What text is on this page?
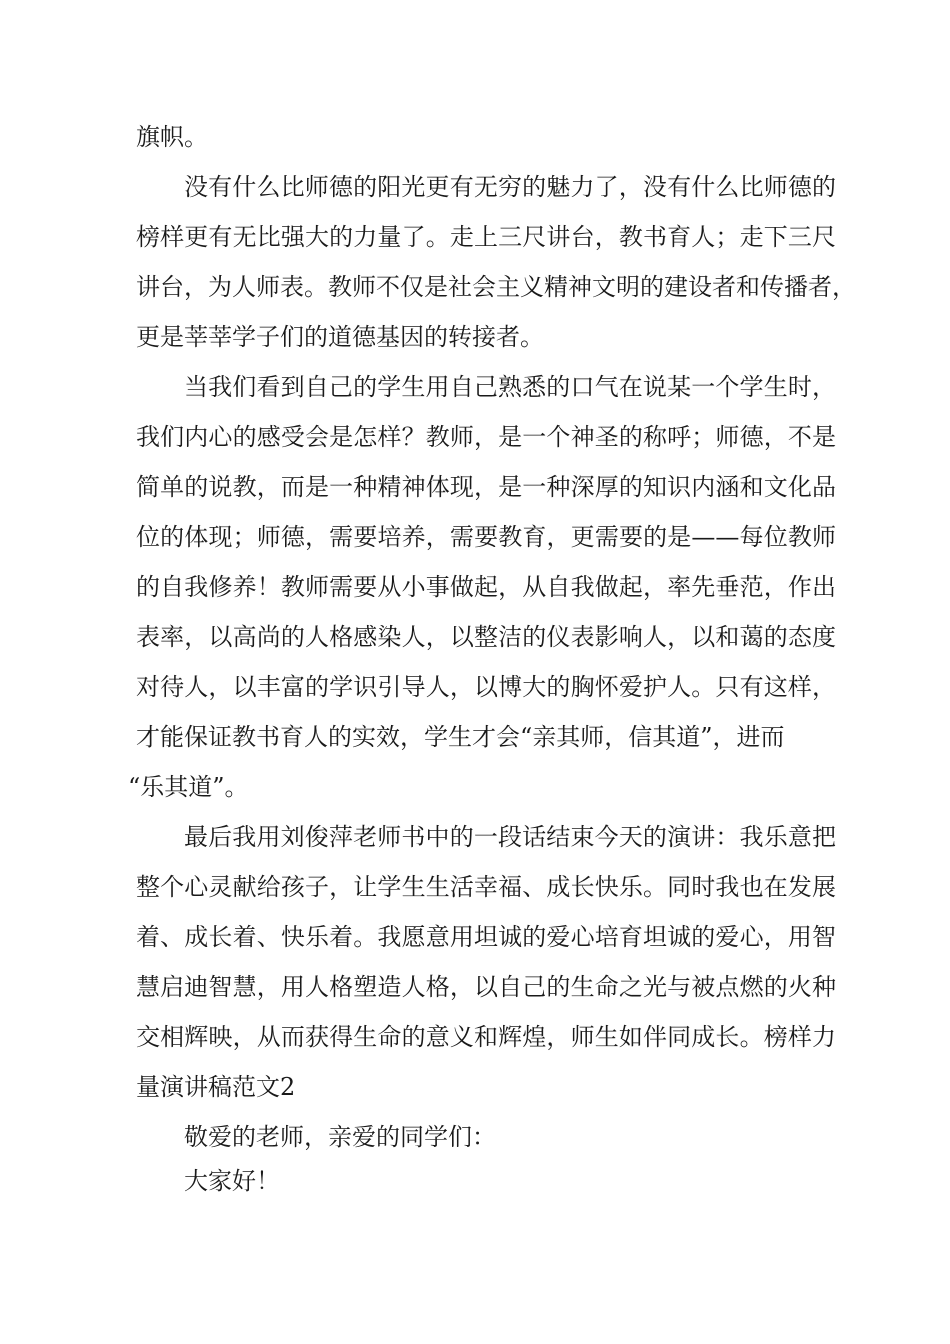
旗帜。

没有什么比师德的阳光更有无穷的魅力了，没有什么比师德的

榜样更有无比强大的力量了。走上三尺讲台，教书育人；走下三尺

讲台，为人师表。教师不仅是社会主义精神文明的建设者和传播者，

更是莘莘学子们的道德基因的转接者。

当我们看到自己的学生用自己熟悉的口气在说某一个学生时，

我们内心的感受会是怎样？教师，是一个神圣的称呼；师德，不是

简单的说教，而是一种精神体现，是一种深厚的知识内涵和文化品

位的体现；师德，需要培养，需要教育，更需要的是——每位教师

的自我修养！教师需要从小事做起，从自我做起，率先垂范，作出

表率，以高尚的人格感染人，以整洁的仪表影响人，以和蔼的态度

对待人，以丰富的学识引导人，以博大的胸怀爱护人。只有这样，

才能保证教书育人的实效，学生才会“亲其师，信其道”，进而

“乐其道”。

最后我用刘俊萍老师书中的一段话结束今天的演讲：我乐意把

整个心灵献给孩子，让学生生活幸福、成长快乐。同时我也在发展

着、成长着、快乐着。我愿意用坦诚的爱心培育坦诚的爱心，用智

慧启迪智慧，用人格塑造人格，以自己的生命之光与被点燃的火种

交相辉映，从而获得生命的意义和辉煌，师生如伴同成长。榜样力

量演讲稿范文2

敬爱的老师，亲爱的同学们：

大家好！
